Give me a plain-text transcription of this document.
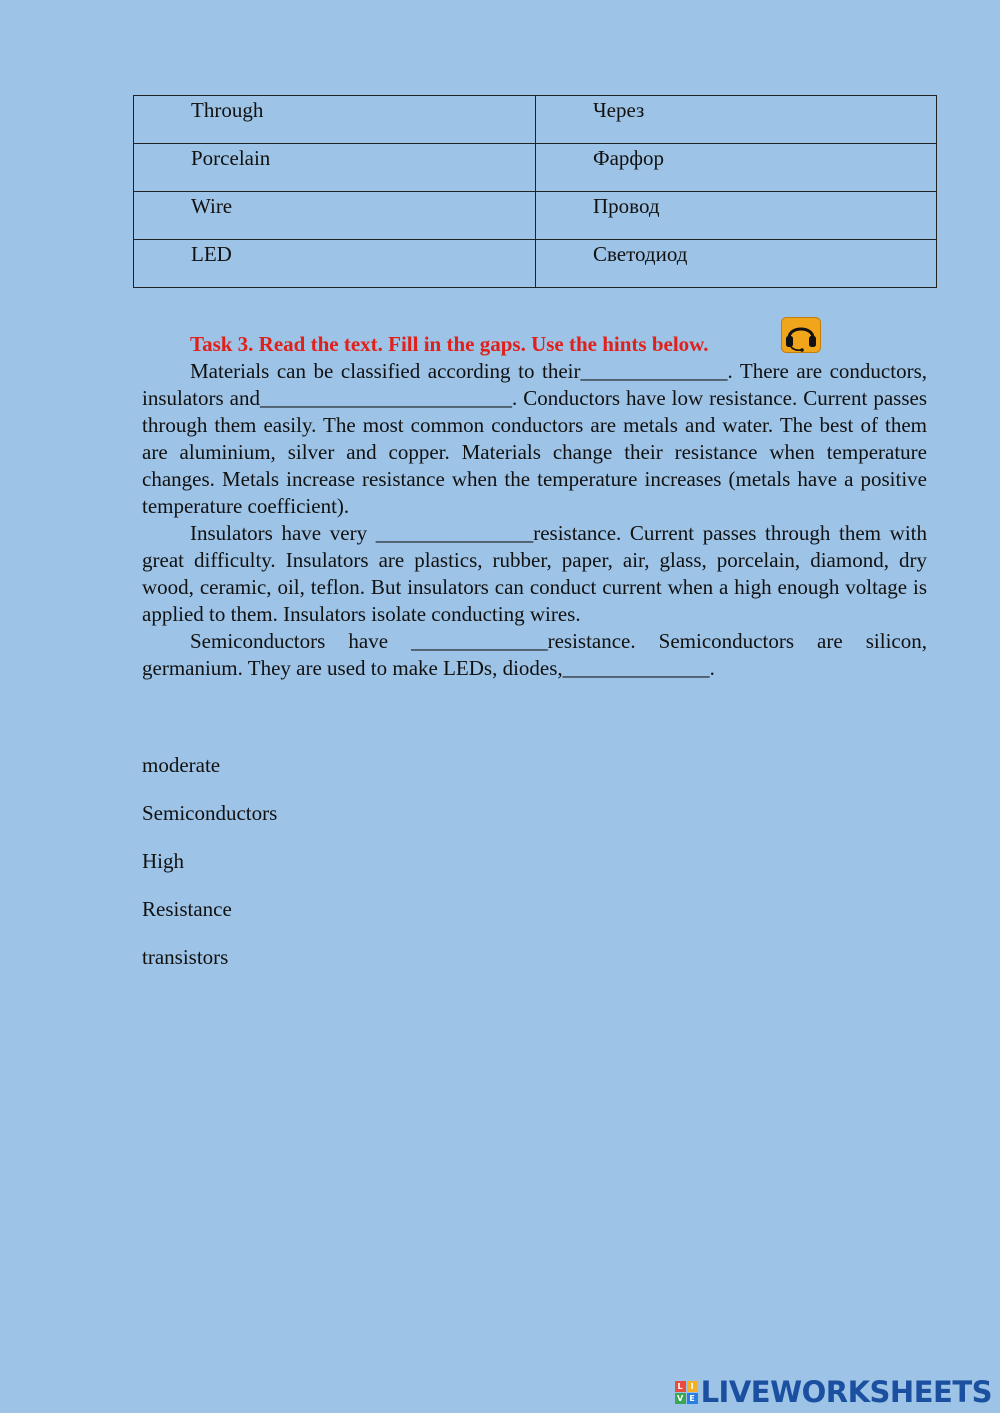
Through	Через
Porcelain	Фарфор
Wire	Провод
LED	Светодиод
Task 3. Read the text. Fill in the gaps. Use the hints below.

Materials can be classified according to their______________. There are conductors, insulators and________________________. Conductors have low resistance. Current passes through them easily. The most common conductors are metals and water. The best of them are aluminium, silver and copper. Materials change their resistance when temperature changes. Metals increase resistance when the temperature increases (metals have a positive temperature coefficient).

Insulators have very _______________resistance. Current passes through them with great difficulty. Insulators are plastics, rubber, paper, air, glass, porcelain, diamond, dry wood, ceramic, oil, teflon. But insulators can conduct current when a high enough voltage is applied to them. Insulators isolate conducting wires.

Semiconductors have _____________resistance. Semiconductors are silicon, germanium. They are used to make LEDs, diodes,______________.

moderate
Semiconductors
High
Resistance
transistors
L I
V E LIVEWORKSHEETS
